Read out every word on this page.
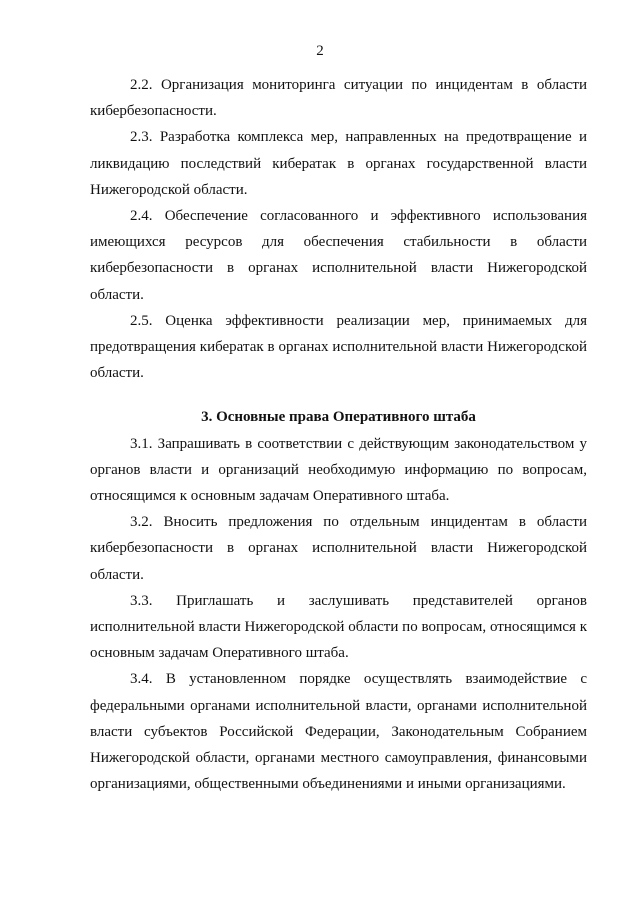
2

2.2. Организация мониторинга ситуации по инцидентам в области кибербезопасности.

2.3. Разработка комплекса мер, направленных на предотвращение и ликвидацию последствий кибератак в органах государственной власти Нижегородской области.

2.4. Обеспечение согласованного и эффективного использования имеющихся ресурсов для обеспечения стабильности в области кибербезопасности в органах исполнительной власти Нижегородской области.

2.5. Оценка эффективности реализации мер, принимаемых для предотвращения кибератак в органах исполнительной власти Нижегородской области.

3. Основные права Оперативного штаба

3.1. Запрашивать в соответствии с действующим законодательством у органов власти и организаций необходимую информацию по вопросам, относящимся к основным задачам Оперативного штаба.

3.2. Вносить предложения по отдельным инцидентам в области кибербезопасности в органах исполнительной власти Нижегородской области.

3.3. Приглашать и заслушивать представителей органов исполнительной власти Нижегородской области по вопросам, относящимся к основным задачам Оперативного штаба.

3.4. В установленном порядке осуществлять взаимодействие с федеральными органами исполнительной власти, органами исполнительной власти субъектов Российской Федерации, Законодательным Собранием Нижегородской области, органами местного самоуправления, финансовыми организациями, общественными объединениями и иными организациями.
